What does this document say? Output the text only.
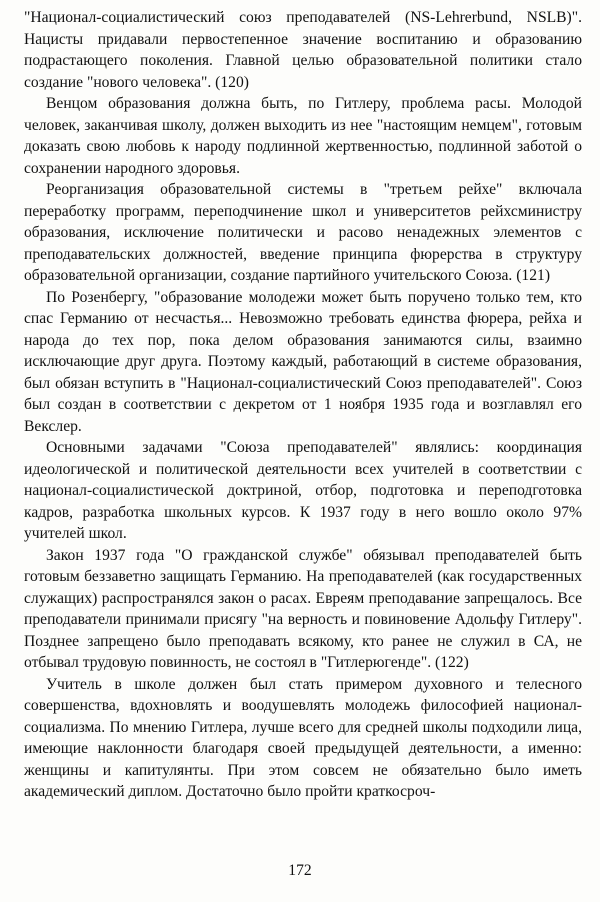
"Национал-социалистический союз преподавателей (NS-Lehrerbund, NSLB)". Нацисты придавали первостепенное значение воспитанию и образованию подрастающего поколения. Главной целью образовательной политики стало создание "нового человека". (120)

Венцом образования должна быть, по Гитлеру, проблема расы. Молодой человек, заканчивая школу, должен выходить из нее "настоящим немцем", готовым доказать свою любовь к народу подлинной жертвенностью, подлинной заботой о сохранении народного здоровья.

Реорганизация образовательной системы в "третьем рейхе" включала переработку программ, переподчинение школ и университетов рейхсминистру образования, исключение политически и расово ненадежных элементов с преподавательских должностей, введение принципа фюрерства в структуру образовательной организации, создание партийного учительского Союза. (121)

По Розенбергу, "образование молодежи может быть поручено только тем, кто спас Германию от несчастья... Невозможно требовать единства фюрера, рейха и народа до тех пор, пока делом образования занимаются силы, взаимно исключающие друг друга. Поэтому каждый, работающий в системе образования, был обязан вступить в "Национал-социалистический Союз преподавателей". Союз был создан в соответствии с декретом от 1 ноября 1935 года и возглавлял его Векслер.

Основными задачами "Союза преподавателей" являлись: координация идеологической и политической деятельности всех учителей в соответствии с национал-социалистической доктриной, отбор, подготовка и переподготовка кадров, разработка школьных курсов. К 1937 году в него вошло около 97% учителей школ.

Закон 1937 года "О гражданской службе" обязывал преподавателей быть готовым беззаветно защищать Германию. На преподавателей (как государственных служащих) распространялся закон о расах. Евреям преподавание запрещалось. Все преподаватели принимали присягу "на верность и повиновение Адольфу Гитлеру". Позднее запрещено было преподавать всякому, кто ранее не служил в СА, не отбывал трудовую повинность, не состоял в "Гитлерюгенде". (122)

Учитель в школе должен был стать примером духовного и телесного совершенства, вдохновлять и воодушевлять молодежь философией национал-социализма. По мнению Гитлера, лучше всего для средней школы подходили лица, имеющие наклонности благодаря своей предыдущей деятельности, а именно: женщины и капитулянты. При этом совсем не обязательно было иметь академический диплом. Достаточно было пройти краткосроч-

172
